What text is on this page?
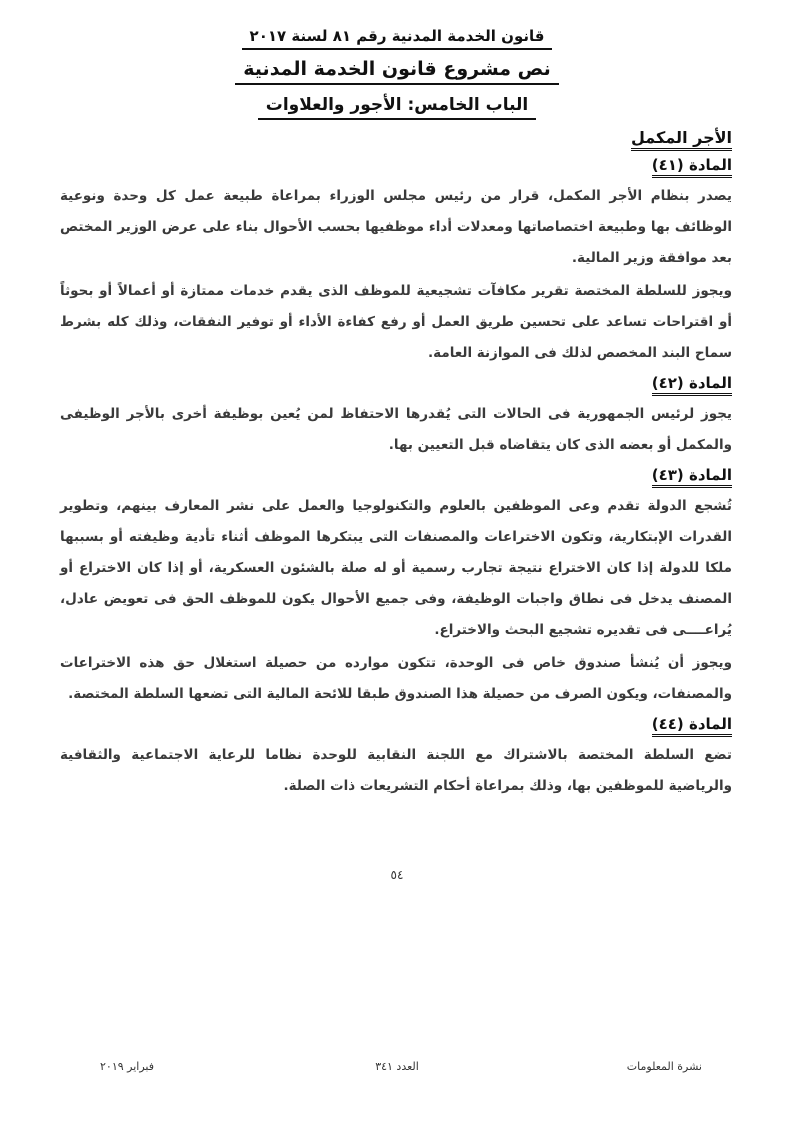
قانون الخدمة المدنية رقم ٨١ لسنة ٢٠١٧
نص مشروع قانون الخدمة المدنية
الباب الخامس: الأجور والعلاوات
الأجر المكمل
المادة (٤١)

يصدر بنظام الأجر المكمل، قرار من رئيس مجلس الوزراء بمراعاة طبيعة عمل كل وحدة ونوعية الوظائف بها وطبيعة اختصاصاتها ومعدلات أداء موظفيها بحسب الأحوال بناء على عرض الوزير المختص بعد موافقة وزير المالية.

ويجوز للسلطة المختصة تقرير مكافآت تشجيعية للموظف الذى يقدم خدمات ممتازة أو أعمالاً أو بحوثاً أو اقتراحات تساعد على تحسين طريق العمل أو رفع كفاءة الأداء أو توفير النفقات، وذلك كله بشرط سماح البند المخصص لذلك فى الموازنة العامة.

المادة (٤٢)

يجوز لرئيس الجمهورية فى الحالات التى يُقدرها الاحتفاظ لمن يُعين بوظيفة أخرى بالأجر الوظيفى والمكمل أو بعضه الذى كان يتقاضاه قبل التعيين بها.

المادة (٤٣)

تُشجع الدولة تقدم وعى الموظفين بالعلوم والتكنولوجيا والعمل على نشر المعارف بينهم، وتطوير القدرات الإبتكارية، وتكون الاختراعات والمصنفات التى يبتكرها الموظف أثناء تأدية وظيفته أو بسببها ملكا للدولة إذا كان الاختراع نتيجة تجارب رسمية أو له صلة بالشئون العسكرية، أو إذا كان الاختراع أو المصنف يدخل فى نطاق واجبات الوظيفة، وفى جميع الأحوال يكون للموظف الحق فى تعويض عادل، يُراعــــى فى تقديره تشجيع البحث والاختراع.

ويجوز أن يُنشأ صندوق خاص فى الوحدة، تتكون موارده من حصيلة استغلال حق هذه الاختراعات والمصنفات، ويكون الصرف من حصيلة هذا الصندوق طبقا للائحة المالية التى تضعها السلطة المختصة.

المادة (٤٤)

تضع السلطة المختصة بالاشتراك مع اللجنة النقابية للوحدة نظاما للرعاية الاجتماعية والثقافية والرياضية للموظفين بها، وذلك بمراعاة أحكام التشريعات ذات الصلة.

٥٤
نشرة المعلومات
العدد ٣٤١
فبراير ٢٠١٩
